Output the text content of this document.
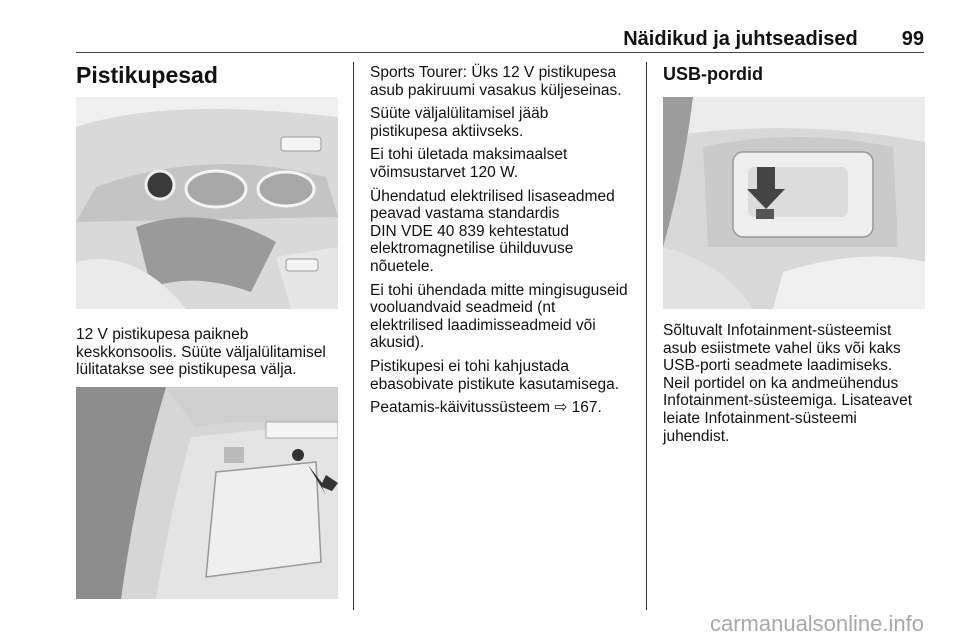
Näidikud ja juhtseadised 99
Pistikupesad

12 V pistikupesa paikneb
keskkonsoolis. Süüte väljalülitamisel
lülitatakse see pistikupesa välja.

Sports Tourer: Üks 12 V pistikupesa
asub pakiruumi vasakus küljeseinas.

Süüte väljalülitamisel jääb
pistikupesa aktiivseks.

Ei tohi ületada maksimaalset
võimsustarvet 120 W.

Ühendatud elektrilised lisaseadmed
peavad vastama standardis
DIN VDE 40 839 kehtestatud
elektromagnetilise ühilduvuse
nõuetele.

Ei tohi ühendada mitte mingisuguseid
vooluandvaid seadmeid (nt
elektrilised laadimisseadmeid või
akusid).

Pistikupesi ei tohi kahjustada
ebasobivate pistikute kasutamisega.

Peatamis-käivitussüsteem ⇨ 167.

USB-pordid

Sõltuvalt Infotainment-süsteemist
asub esiistmete vahel üks või kaks
USB-porti seadmete laadimiseks.
Neil portidel on ka andmeühendus
Infotainment-süsteemiga. Lisateavet
leiate Infotainment-süsteemi
juhendist.

carmanualsonline.info
